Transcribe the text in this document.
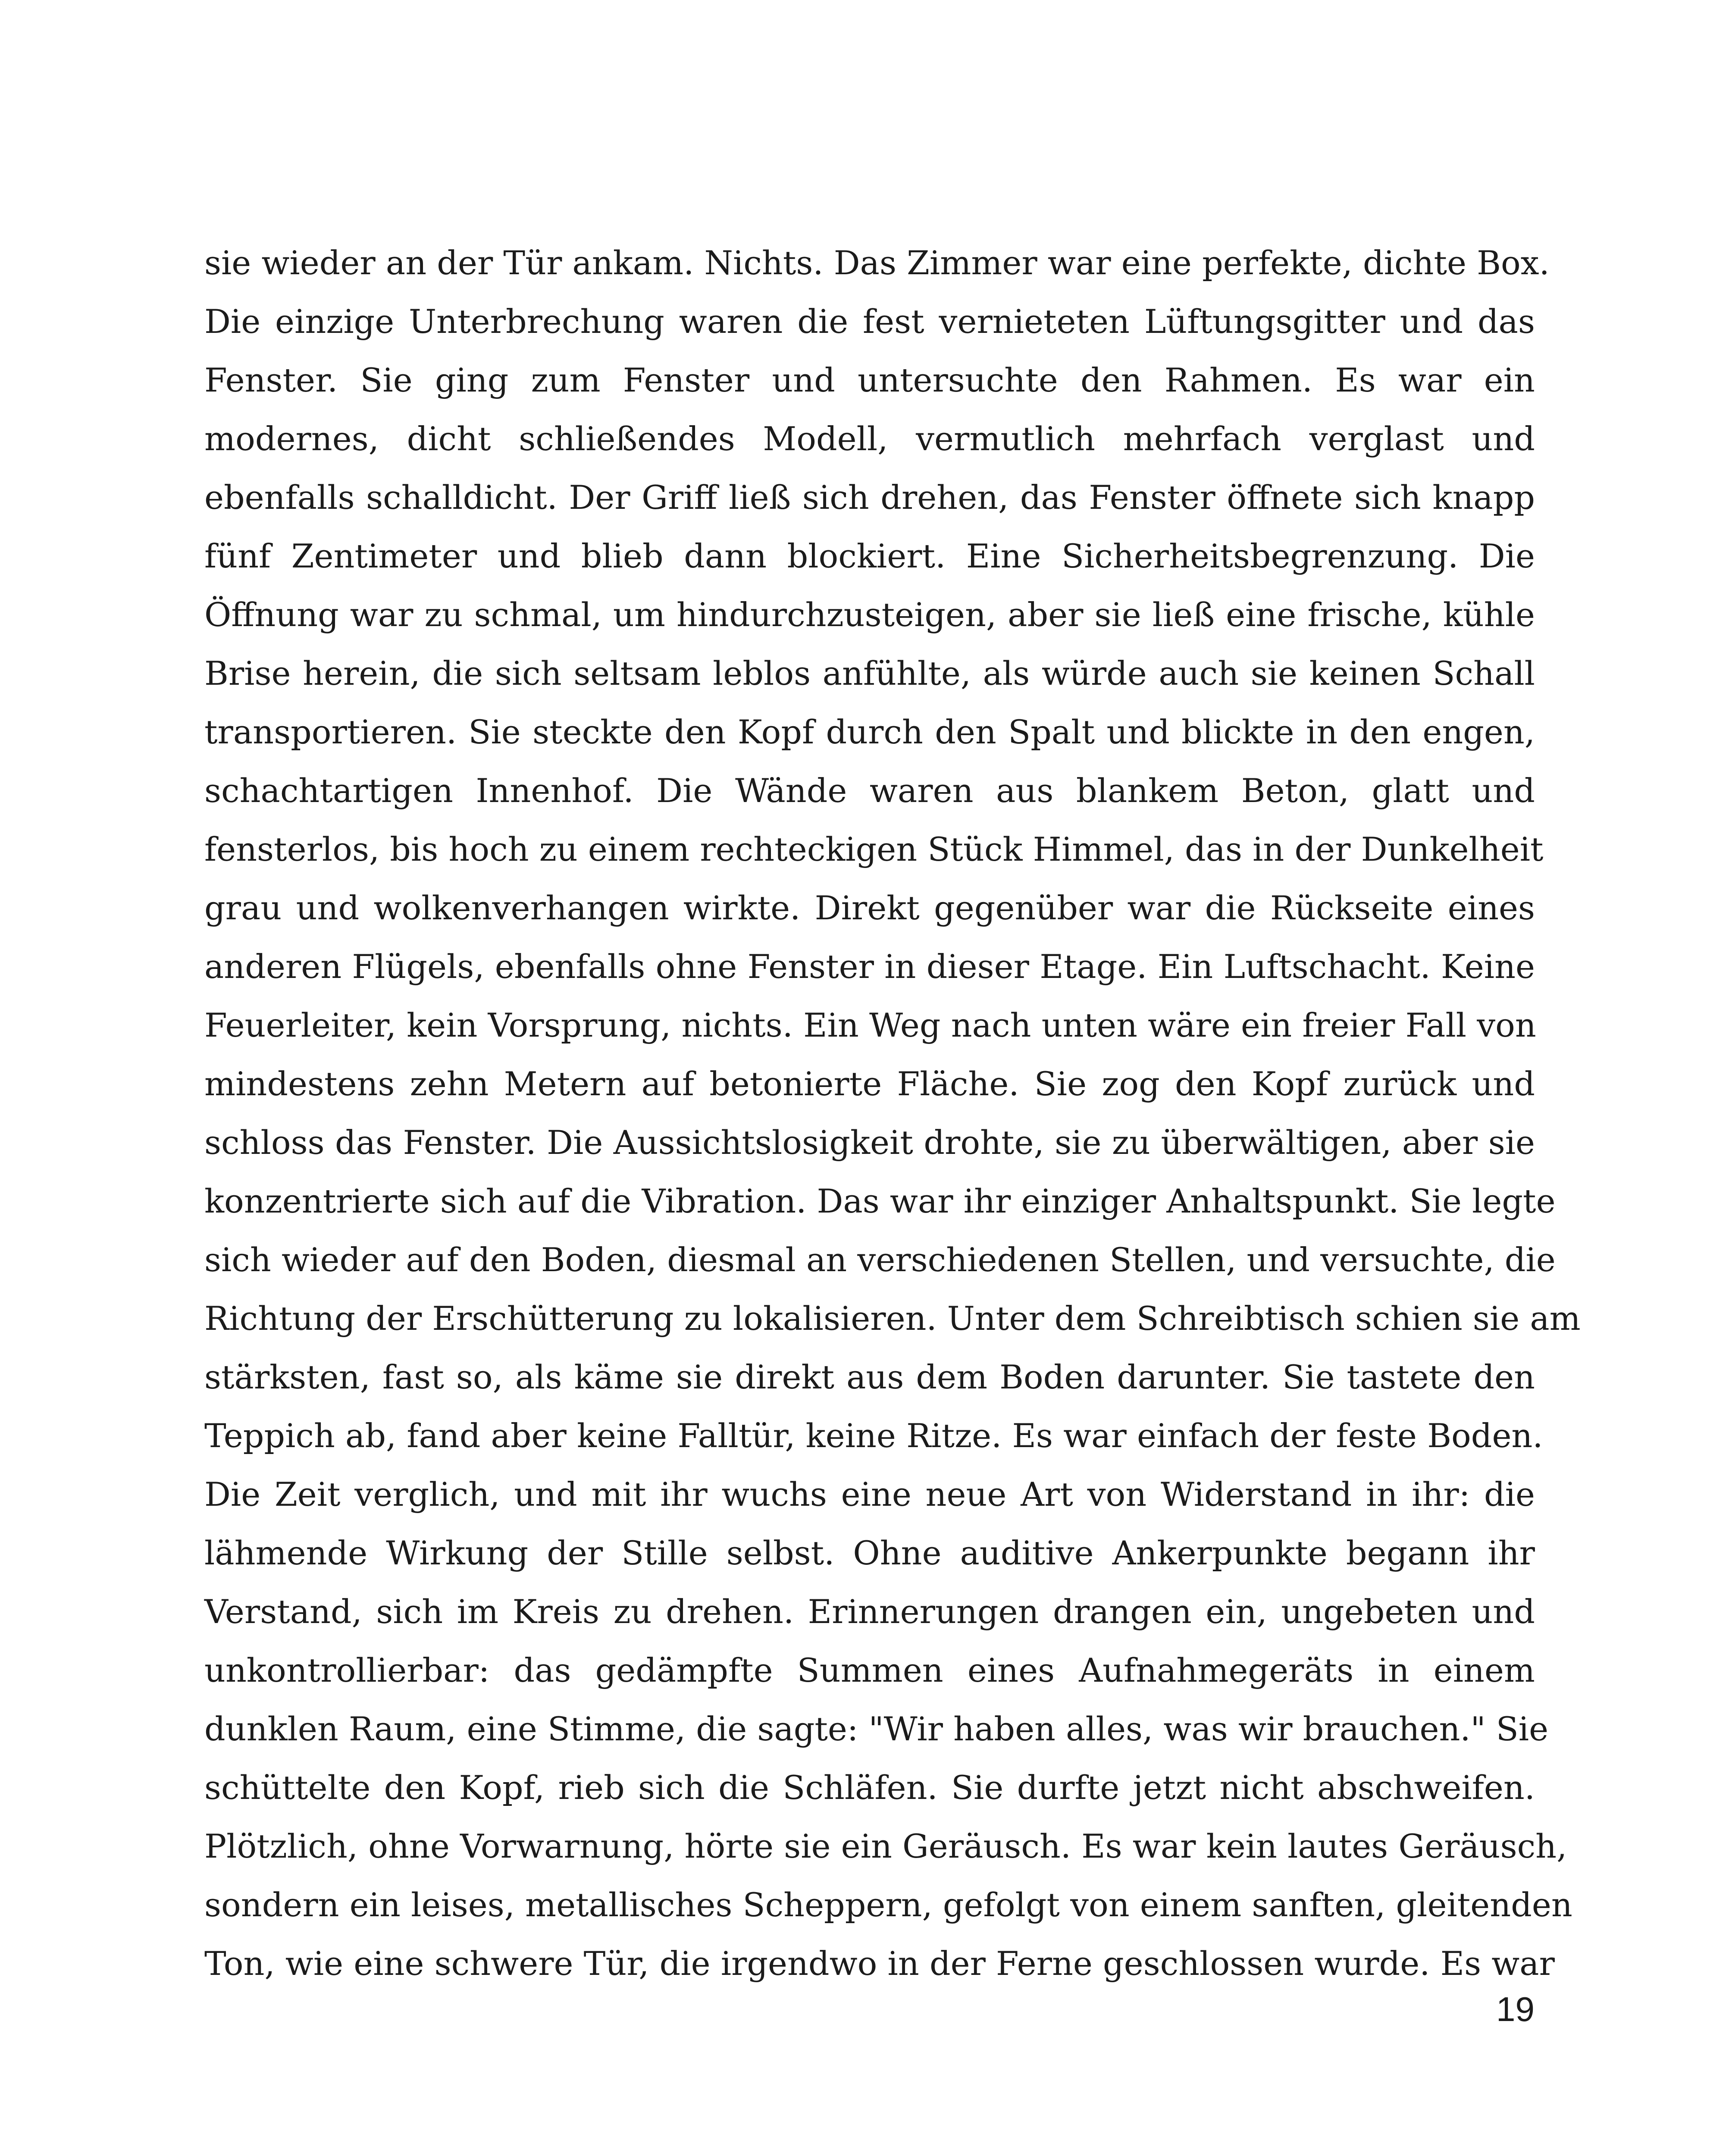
sie wieder an der Tür ankam. Nichts. Das Zimmer war eine perfekte, dichte Box.
Die einzige Unterbrechung waren die fest vernieteten Lüftungsgitter und das
Fenster. Sie ging zum Fenster und untersuchte den Rahmen. Es war ein
modernes, dicht schließendes Modell, vermutlich mehrfach verglast und
ebenfalls schalldicht. Der Griff ließ sich drehen, das Fenster öffnete sich knapp
fünf Zentimeter und blieb dann blockiert. Eine Sicherheitsbegrenzung. Die
Öffnung war zu schmal, um hindurchzusteigen, aber sie ließ eine frische, kühle
Brise herein, die sich seltsam leblos anfühlte, als würde auch sie keinen Schall
transportieren. Sie steckte den Kopf durch den Spalt und blickte in den engen,
schachtartigen Innenhof. Die Wände waren aus blankem Beton, glatt und
fensterlos, bis hoch zu einem rechteckigen Stück Himmel, das in der Dunkelheit
grau und wolkenverhangen wirkte. Direkt gegenüber war die Rückseite eines
anderen Flügels, ebenfalls ohne Fenster in dieser Etage. Ein Luftschacht. Keine
Feuerleiter, kein Vorsprung, nichts. Ein Weg nach unten wäre ein freier Fall von
mindestens zehn Metern auf betonierte Fläche. Sie zog den Kopf zurück und
schloss das Fenster. Die Aussichtslosigkeit drohte, sie zu überwältigen, aber sie
konzentrierte sich auf die Vibration. Das war ihr einziger Anhaltspunkt. Sie legte
sich wieder auf den Boden, diesmal an verschiedenen Stellen, und versuchte, die
Richtung der Erschütterung zu lokalisieren. Unter dem Schreibtisch schien sie am
stärksten, fast so, als käme sie direkt aus dem Boden darunter. Sie tastete den
Teppich ab, fand aber keine Falltür, keine Ritze. Es war einfach der feste Boden.
Die Zeit verglich, und mit ihr wuchs eine neue Art von Widerstand in ihr: die
lähmende Wirkung der Stille selbst. Ohne auditive Ankerpunkte begann ihr
Verstand, sich im Kreis zu drehen. Erinnerungen drangen ein, ungebeten und
unkontrollierbar: das gedämpfte Summen eines Aufnahmegeräts in einem
dunklen Raum, eine Stimme, die sagte: "Wir haben alles, was wir brauchen." Sie
schüttelte den Kopf, rieb sich die Schläfen. Sie durfte jetzt nicht abschweifen.
Plötzlich, ohne Vorwarnung, hörte sie ein Geräusch. Es war kein lautes Geräusch,
sondern ein leises, metallisches Scheppern, gefolgt von einem sanften, gleitenden
Ton, wie eine schwere Tür, die irgendwo in der Ferne geschlossen wurde. Es war
19
